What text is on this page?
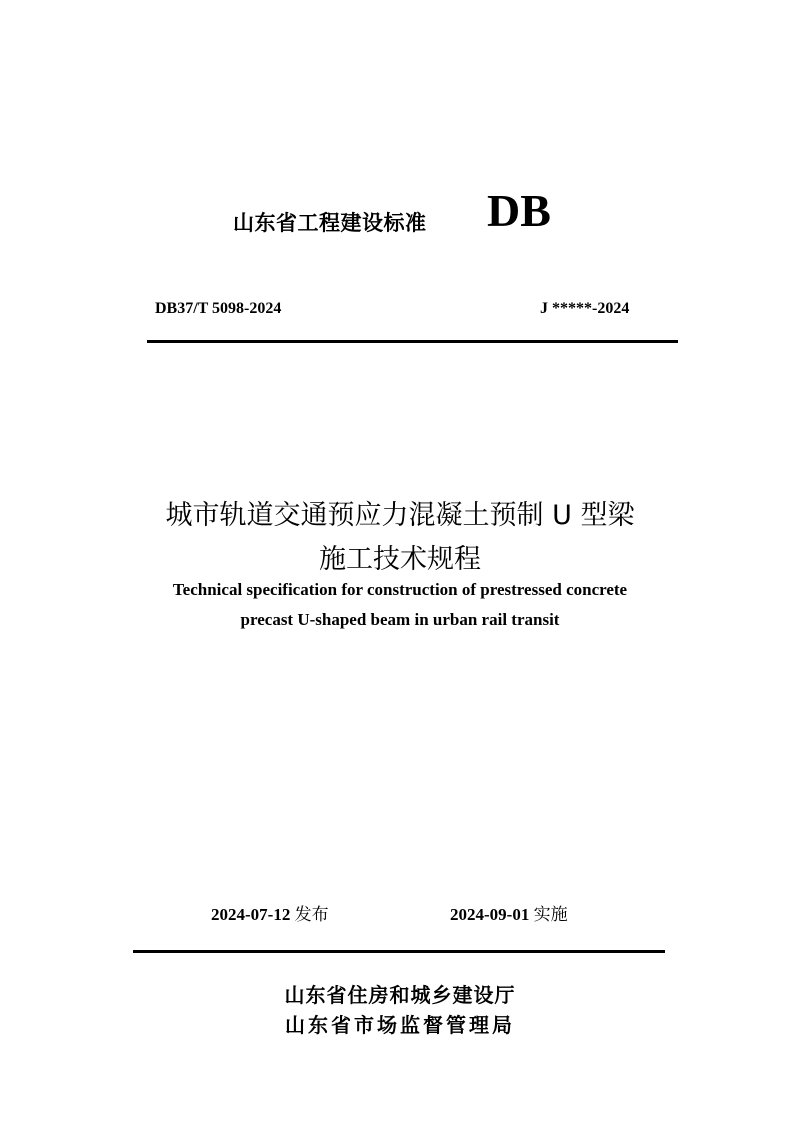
山东省工程建设标准 DB
DB37/T 5098-2024	J *****-2024
城市轨道交通预应力混凝土预制 U 型梁
施工技术规程
Technical specification for construction of prestressed concrete
precast U-shaped beam in urban rail transit
2024-07-12 发布	2024-09-01 实施
山东省住房和城乡建设厅
山东省市场监督管理局
